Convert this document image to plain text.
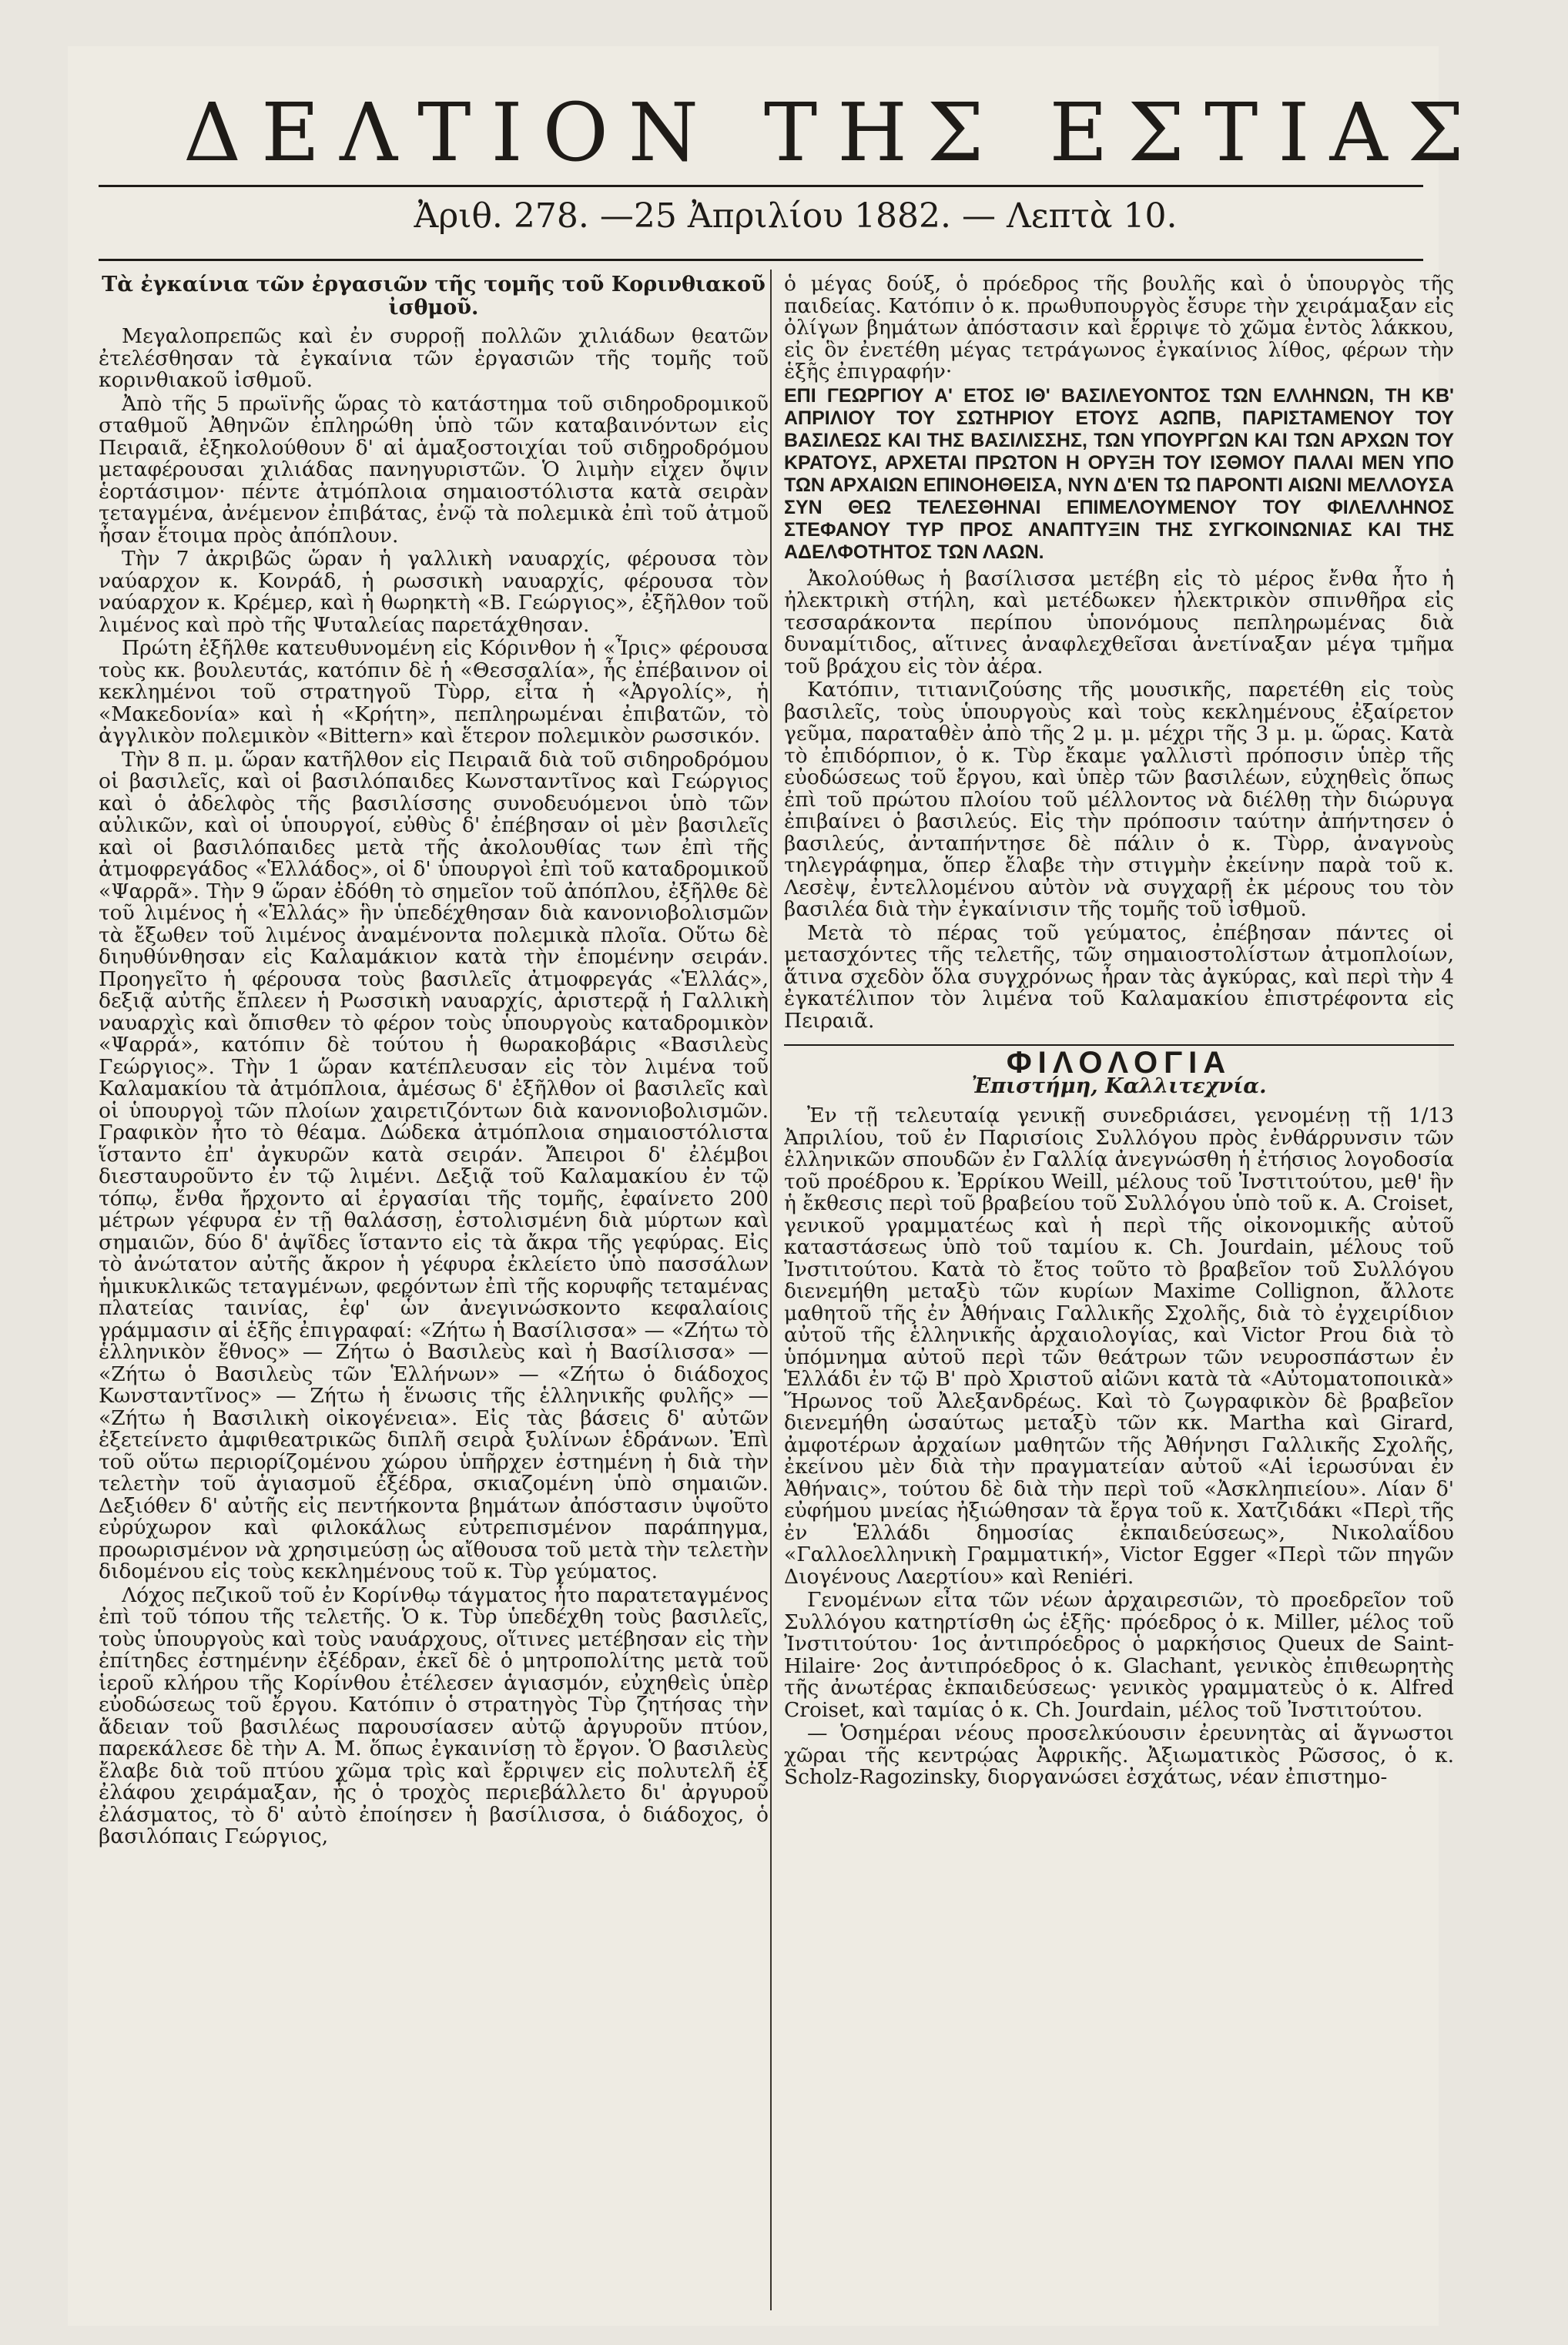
ΔΕΛΤΙΟΝ ΤΗΣ ΕΣΤΙΑΣ
Ἀριθ. 278. —25 Ἀπριλίου 1882. — Λεπτὰ 10.
Τὰ ἐγκαίνια τῶν ἐργασιῶν τῆς τομῆς τοῦ Κορινθιακοῦ ἰσθμοῦ.

Μεγαλοπρεπῶς καὶ ἐν συρροῇ πολλῶν χιλιάδων θεατῶν ἐτελέσθησαν τὰ ἐγκαίνια τῶν ἐργασιῶν τῆς τομῆς τοῦ κορινθιακοῦ ἰσθμοῦ.

Ἀπὸ τῆς 5 πρωϊνῆς ὥρας τὸ κατάστημα τοῦ σιδηροδρομικοῦ σταθμοῦ Ἀθηνῶν ἐπληρώθη ὑπὸ τῶν καταβαινόντων εἰς Πειραιᾶ, ἐξηκολούθουν δ' αἱ ἁμαξοστοιχίαι τοῦ σιδηροδρόμου μεταφέρουσαι χιλιάδας πανηγυριστῶν. Ὁ λιμὴν εἶχεν ὄψιν ἑορτάσιμον· πέντε ἀτμόπλοια σημαιοστόλιστα κατὰ σειρὰν τεταγμένα, ἀνέμενον ἐπιβάτας, ἐνῷ τὰ πολεμικὰ ἐπὶ τοῦ ἀτμοῦ ἦσαν ἕτοιμα πρὸς ἀπόπλουν.

Τὴν 7 ἀκριβῶς ὥραν ἡ γαλλικὴ ναυαρχίς, φέρουσα τὸν ναύαρχον κ. Κονράδ, ἡ ρωσσικὴ ναυαρχίς, φέρουσα τὸν ναύαρχον κ. Κρέμερ, καὶ ἡ θωρηκτὴ «Β. Γεώργιος», ἐξῆλθον τοῦ λιμένος καὶ πρὸ τῆς Ψυταλείας παρετάχθησαν.

Πρώτη ἐξῆλθε κατευθυνομένη εἰς Κόρινθον ἡ «Ἶρις» φέρουσα τοὺς κκ. βουλευτάς, κατόπιν δὲ ἡ «Θεσσαλία», ἧς ἐπέβαινον οἱ κεκλημένοι τοῦ στρατηγοῦ Τὺρρ, εἶτα ἡ «Ἀργολίς», ἡ «Μακεδονία» καὶ ἡ «Κρήτη», πεπληρωμέναι ἐπιβατῶν, τὸ ἀγγλικὸν πολεμικὸν «Bittern» καὶ ἕτερον πολεμικὸν ρωσσικόν.

Τὴν 8 π. μ. ὥραν κατῆλθον εἰς Πειραιᾶ διὰ τοῦ σιδηροδρόμου οἱ βασιλεῖς, καὶ οἱ βασιλόπαιδες Κωνσταντῖνος καὶ Γεώργιος καὶ ὁ ἀδελφὸς τῆς βασιλίσσης συνοδευόμενοι ὑπὸ τῶν αὐλικῶν, καὶ οἱ ὑπουργοί, εὐθὺς δ' ἐπέβησαν οἱ μὲν βασιλεῖς καὶ οἱ βασιλόπαιδες μετὰ τῆς ἀκολουθίας των ἐπὶ τῆς ἀτμοφρεγάδος «Ἑλλάδος», οἱ δ' ὑπουργοὶ ἐπὶ τοῦ καταδρομικοῦ «Ψαρρᾶ». Τὴν 9 ὥραν ἐδόθη τὸ σημεῖον τοῦ ἀπόπλου, ἐξῆλθε δὲ τοῦ λιμένος ἡ «Ἑλλάς» ἣν ὑπεδέχθησαν διὰ κανονιοβολισμῶν τὰ ἔξωθεν τοῦ λιμένος ἀναμένοντα πολεμικὰ πλοῖα. Οὕτω δὲ διηυθύνθησαν εἰς Καλαμάκιον κατὰ τὴν ἑπομένην σειράν. Προηγεῖτο ἡ φέρουσα τοὺς βασιλεῖς ἀτμοφρεγάς «Ἑλλάς», δεξιᾷ αὐτῆς ἔπλεεν ἡ Ρωσσικὴ ναυαρχίς, ἀριστερᾷ ἡ Γαλλικὴ ναυαρχὶς καὶ ὄπισθεν τὸ φέρον τοὺς ὑπουργοὺς καταδρομικὸν «Ψαρρά», κατόπιν δὲ τούτου ἡ θωρακοβάρις «Βασιλεὺς Γεώργιος». Τὴν 1 ὥραν κατέπλευσαν εἰς τὸν λιμένα τοῦ Καλαμακίου τὰ ἀτμόπλοια, ἀμέσως δ' ἐξῆλθον οἱ βασιλεῖς καὶ οἱ ὑπουργοὶ τῶν πλοίων χαιρετιζόντων διὰ κανονιοβολισμῶν. Γραφικὸν ἦτο τὸ θέαμα. Δώδεκα ἀτμόπλοια σημαιοστόλιστα ἵσταντο ἐπ' ἀγκυρῶν κατὰ σειράν. Ἄπειροι δ' ἐλέμβοι διεσταυροῦντο ἐν τῷ λιμένι. Δεξιᾷ τοῦ Καλαμακίου ἐν τῷ τόπῳ, ἔνθα ἤρχοντο αἱ ἐργασίαι τῆς τομῆς, ἐφαίνετο 200 μέτρων γέφυρα ἐν τῇ θαλάσσῃ, ἐστολισμένη διὰ μύρτων καὶ σημαιῶν, δύο δ' ἁψῖδες ἵσταντο εἰς τὰ ἄκρα τῆς γεφύρας. Εἰς τὸ ἀνώτατον αὐτῆς ἄκρον ἡ γέφυρα ἐκλείετο ὑπὸ πασσάλων ἡμικυκλικῶς τεταγμένων, φερόντων ἐπὶ τῆς κορυφῆς τεταμένας πλατείας ταινίας, ἐφ' ὧν ἀνεγινώσκοντο κεφαλαίοις γράμμασιν αἱ ἑξῆς ἐπιγραφαί: «Ζήτω ἡ Βασίλισσα» — «Ζήτω τὸ ἑλληνικὸν ἔθνος» — Ζήτω ὁ Βασιλεὺς καὶ ἡ Βασίλισσα» — «Ζήτω ὁ Βασιλεὺς τῶν Ἑλλήνων» — «Ζήτω ὁ διάδοχος Κωνσταντῖνος» — Ζήτω ἡ ἕνωσις τῆς ἑλληνικῆς φυλῆς» — «Ζήτω ἡ Βασιλικὴ οἰκογένεια». Εἰς τὰς βάσεις δ' αὐτῶν ἐξετείνετο ἀμφιθεατρικῶς διπλῆ σειρὰ ξυλίνων ἑδράνων. Ἐπὶ τοῦ οὕτω περιορίζομένου χώρου ὑπῆρχεν ἐστημένη ἡ διὰ τὴν τελετὴν τοῦ ἁγιασμοῦ ἐξέδρα, σκιαζομένη ὑπὸ σημαιῶν. Δεξιόθεν δ' αὐτῆς εἰς πεντήκοντα βημάτων ἀπόστασιν ὑψοῦτο εὐρύχωρον καὶ φιλοκάλως εὐτρεπισμένον παράπηγμα, προωρισμένον νὰ χρησιμεύσῃ ὡς αἴθουσα τοῦ μετὰ τὴν τελετὴν διδομένου εἰς τοὺς κεκλημένους τοῦ κ. Τὺρ γεύματος.

Λόχος πεζικοῦ τοῦ ἐν Κορίνθῳ τάγματος ἦτο παρατεταγμένος ἐπὶ τοῦ τόπου τῆς τελετῆς. Ὁ κ. Τὺρ ὑπεδέχθη τοὺς βασιλεῖς, τοὺς ὑπουργοὺς καὶ τοὺς ναυάρχους, οἵτινες μετέβησαν εἰς τὴν ἐπίτηδες ἐστημένην ἐξέδραν, ἐκεῖ δὲ ὁ μητροπολίτης μετὰ τοῦ ἱεροῦ κλήρου τῆς Κορίνθου ἐτέλεσεν ἁγιασμόν, εὐχηθεὶς ὑπὲρ εὐοδώσεως τοῦ ἔργου. Κατόπιν ὁ στρατηγὸς Τὺρ ζητήσας τὴν ἄδειαν τοῦ βασιλέως παρουσίασεν αὐτῷ ἀργυροῦν πτύον, παρεκάλεσε δὲ τὴν Α. Μ. ὅπως ἐγκαινίσῃ τὸ ἔργον. Ὁ βασιλεὺς ἔλαβε διὰ τοῦ πτύου χῶμα τρὶς καὶ ἔρριψεν εἰς πολυτελῆ ἐξ ἐλάφου χειράμαξαν, ἧς ὁ τροχὸς περιεβάλλετο δι' ἀργυροῦ ἐλάσματος, τὸ δ' αὐτὸ ἐποίησεν ἡ βασίλισσα, ὁ διάδοχος, ὁ βασιλόπαις Γεώργιος,

ὁ μέγας δούξ, ὁ πρόεδρος τῆς βουλῆς καὶ ὁ ὑπουργὸς τῆς παιδείας. Κατόπιν ὁ κ. πρωθυπουργὸς ἔσυρε τὴν χειράμαξαν εἰς ὀλίγων βημάτων ἀπόστασιν καὶ ἔρριψε τὸ χῶμα ἐντὸς λάκκου, εἰς ὃν ἐνετέθη μέγας τετράγωνος ἐγκαίνιος λίθος, φέρων τὴν ἑξῆς ἐπιγραφήν·

ΕΠΙ ΓΕΩΡΓΙΟΥ Α' ΕΤΟΣ ΙΘ' ΒΑΣΙΛΕΥΟΝΤΟΣ ΤΩΝ ΕΛΛΗΝΩΝ, ΤΗ ΚΒ' ΑΠΡΙΛΙΟΥ ΤΟΥ ΣΩΤΗΡΙΟΥ ΕΤΟΥΣ ΑΩΠΒ, ΠΑΡΙΣΤΑΜΕΝΟΥ ΤΟΥ ΒΑΣΙΛΕΩΣ ΚΑΙ ΤΗΣ ΒΑΣΙΛΙΣΣΗΣ, ΤΩΝ ΥΠΟΥΡΓΩΝ ΚΑΙ ΤΩΝ ΑΡΧΩΝ ΤΟΥ ΚΡΑΤΟΥΣ, ΑΡΧΕΤΑΙ ΠΡΩΤΟΝ Η ΟΡΥΞΗ ΤΟΥ ΙΣΘΜΟΥ ΠΑΛΑΙ ΜΕΝ ΥΠΟ ΤΩΝ ΑΡΧΑΙΩΝ ΕΠΙΝΟΗΘΕΙΣΑ, ΝΥΝ Δ'ΕΝ ΤΩ ΠΑΡΟΝΤΙ ΑΙΩΝΙ ΜΕΛΛΟΥΣΑ ΣΥΝ ΘΕΩ ΤΕΛΕΣΘΗΝΑΙ ΕΠΙΜΕΛΟΥΜΕΝΟΥ ΤΟΥ ΦΙΛΕΛΛΗΝΟΣ ΣΤΕΦΑΝΟΥ ΤΥΡ ΠΡΟΣ ΑΝΑΠΤΥΞΙΝ ΤΗΣ ΣΥΓΚΟΙΝΩΝΙΑΣ ΚΑΙ ΤΗΣ ΑΔΕΛΦΟΤΗΤΟΣ ΤΩΝ ΛΑΩΝ.

Ἀκολούθως ἡ βασίλισσα μετέβη εἰς τὸ μέρος ἔνθα ἦτο ἡ ἠλεκτρικὴ στήλη, καὶ μετέδωκεν ἠλεκτρικὸν σπινθῆρα εἰς τεσσαράκοντα περίπου ὑπονόμους πεπληρωμένας διὰ δυναμίτιδος, αἵτινες ἀναφλεχθεῖσαι ἀνετίναξαν μέγα τμῆμα τοῦ βράχου εἰς τὸν ἀέρα.

Κατόπιν, τιτιανιζούσης τῆς μουσικῆς, παρετέθη εἰς τοὺς βασιλεῖς, τοὺς ὑπουργοὺς καὶ τοὺς κεκλημένους ἐξαίρετον γεῦμα, παραταθὲν ἀπὸ τῆς 2 μ. μ. μέχρι τῆς 3 μ. μ. ὥρας. Κατὰ τὸ ἐπιδόρπιον, ὁ κ. Τὺρ ἔκαμε γαλλιστὶ πρόποσιν ὑπὲρ τῆς εὐοδώσεως τοῦ ἔργου, καὶ ὑπὲρ τῶν βασιλέων, εὐχηθεὶς ὅπως ἐπὶ τοῦ πρώτου πλοίου τοῦ μέλλοντος νὰ διέλθῃ τὴν διώρυγα ἐπιβαίνει ὁ βασιλεύς. Εἰς τὴν πρόποσιν ταύτην ἀπήντησεν ὁ βασιλεύς, ἀνταπήντησε δὲ πάλιν ὁ κ. Τὺρρ, ἀναγνοὺς τηλεγράφημα, ὅπερ ἔλαβε τὴν στιγμὴν ἐκείνην παρὰ τοῦ κ. Λεσὲψ, ἐντελλομένου αὐτὸν νὰ συγχαρῇ ἐκ μέρους του τὸν βασιλέα διὰ τὴν ἐγκαίνισιν τῆς τομῆς τοῦ ἰσθμοῦ.

Μετὰ τὸ πέρας τοῦ γεύματος, ἐπέβησαν πάντες οἱ μετασχόντες τῆς τελετῆς, τῶν σημαιοστολίστων ἀτμοπλοίων, ἅτινα σχεδὸν ὅλα συγχρόνως ἦραν τὰς ἀγκύρας, καὶ περὶ τὴν 4 ἐγκατέλιπον τὸν λιμένα τοῦ Καλαμακίου ἐπιστρέφοντα εἰς Πειραιᾶ.

ΦΙΛΟΛΟΓΙΑ
Ἐπιστήμη, Καλλιτεχνία.

Ἐν τῇ τελευταίᾳ γενικῇ συνεδριάσει, γενομένῃ τῇ 1/13 Ἀπριλίου, τοῦ ἐν Παρισίοις Συλλόγου πρὸς ἐνθάρρυνσιν τῶν ἑλληνικῶν σπουδῶν ἐν Γαλλίᾳ ἀνεγνώσθη ἡ ἐτήσιος λογοδοσία τοῦ προέδρου κ. Ἐρρίκου Weill, μέλους τοῦ Ἰνστιτούτου, μεθ' ἣν ἡ ἔκθεσις περὶ τοῦ βραβείου τοῦ Συλλόγου ὑπὸ τοῦ κ. A. Croiset, γενικοῦ γραμματέως καὶ ἡ περὶ τῆς οἰκονομικῆς αὐτοῦ καταστάσεως ὑπὸ τοῦ ταμίου κ. Ch. Jourdain, μέλους τοῦ Ἰνστιτούτου. Κατὰ τὸ ἔτος τοῦτο τὸ βραβεῖον τοῦ Συλλόγου διενεμήθη μεταξὺ τῶν κυρίων Maxime Collignon, ἄλλοτε μαθητοῦ τῆς ἐν Ἀθήναις Γαλλικῆς Σχολῆς, διὰ τὸ ἐγχειρίδιον αὐτοῦ τῆς ἑλληνικῆς ἀρχαιολογίας, καὶ Victor Prou διὰ τὸ ὑπόμνημα αὐτοῦ περὶ τῶν θεάτρων τῶν νευροσπάστων ἐν Ἑλλάδι ἐν τῷ Β' πρὸ Χριστοῦ αἰῶνι κατὰ τὰ «Αὐτοματοποιικὰ» Ἥρωνος τοῦ Ἀλεξανδρέως. Καὶ τὸ ζωγραφικὸν δὲ βραβεῖον διενεμήθη ὡσαύτως μεταξὺ τῶν κκ. Martha καὶ Girard, ἀμφοτέρων ἀρχαίων μαθητῶν τῆς Ἀθήνησι Γαλλικῆς Σχολῆς, ἐκείνου μὲν διὰ τὴν πραγματείαν αὐτοῦ «Αἱ ἱερωσύναι ἐν Ἀθήναις», τούτου δὲ διὰ τὴν περὶ τοῦ «Ἀσκληπιείου». Λίαν δ' εὐφήμου μνείας ἠξιώθησαν τὰ ἔργα τοῦ κ. Χατζιδάκι «Περὶ τῆς ἐν Ἑλλάδι δημοσίας ἐκπαιδεύσεως», Νικολαΐδου «Γαλλοελληνικὴ Γραμματική», Victor Egger «Περὶ τῶν πηγῶν Διογένους Λαερτίου» καὶ Reniéri.

Γενομένων εἶτα τῶν νέων ἀρχαιρεσιῶν, τὸ προεδρεῖον τοῦ Συλλόγου κατηρτίσθη ὡς ἑξῆς· πρόεδρος ὁ κ. Miller, μέλος τοῦ Ἰνστιτούτου· 1ος ἀντιπρόεδρος ὁ μαρκήσιος Queux de Saint-Hilaire· 2ος ἀντιπρόεδρος ὁ κ. Glachant, γενικὸς ἐπιθεωρητὴς τῆς ἀνωτέρας ἐκπαιδεύσεως· γενικὸς γραμματεὺς ὁ κ. Alfred Croiset, καὶ ταμίας ὁ κ. Ch. Jourdain, μέλος τοῦ Ἰνστιτούτου.

— Ὁσημέραι νέους προσελκύουσιν ἐρευνητὰς αἱ ἄγνωστοι χῶραι τῆς κεντρῴας Ἀφρικῆς. Ἀξιωματικὸς Ρῶσσος, ὁ κ. Scholz-Ragozinsky, διοργανώσει ἐσχάτως, νέαν ἐπιστημο-
